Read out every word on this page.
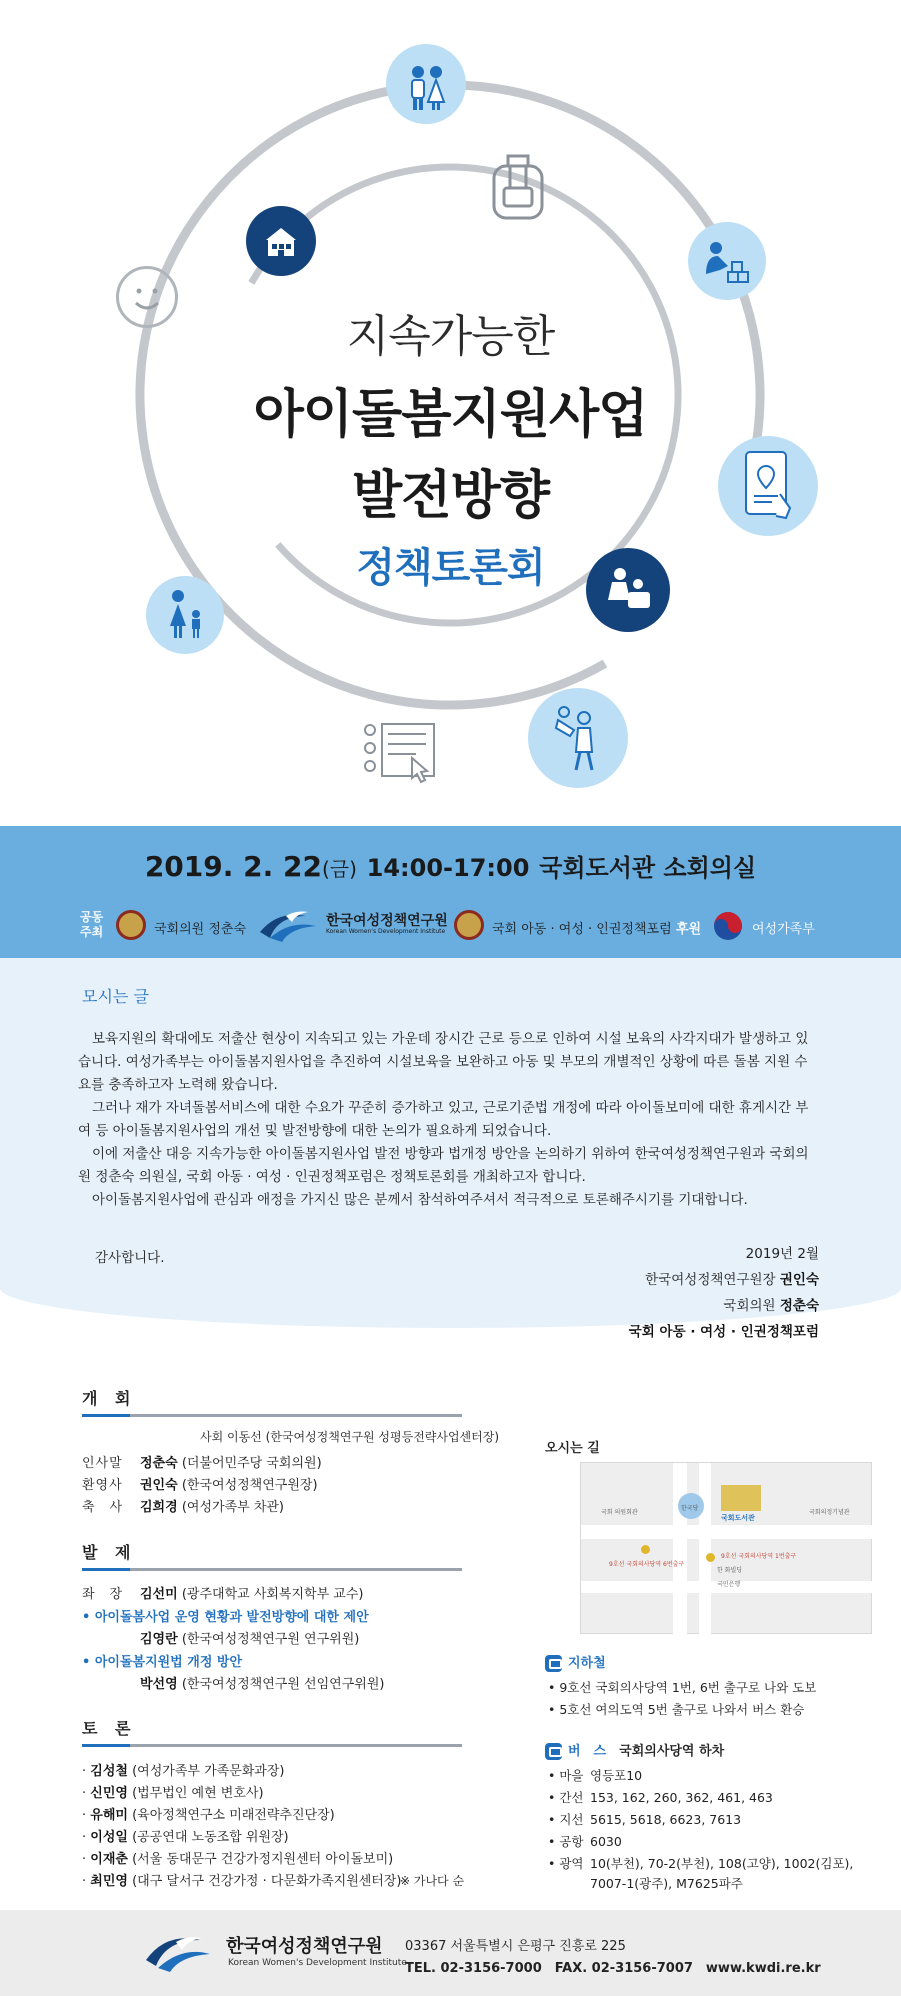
지속가능한
아이돌봄지원사업
발전방향
정책토론회
2019. 2. 22(금) 14:00-17:00 국회도서관 소회의실
공동
주최	국회의원 정춘숙
한국여성정책연구원
Korean Women's Development Institute	국회 아동 · 여성 · 인권정책포럼 후원	여성가족부
모시는 글

보육지원의 확대에도 저출산 현상이 지속되고 있는 가운데 장시간 근로 등으로 인하여 시설 보육의 사각지대가 발생하고 있습니다. 여성가족부는 아이돌봄지원사업을 추진하여 시설보육을 보완하고 아동 및 부모의 개별적인 상황에 따른 돌봄 지원 수요를 충족하고자 노력해 왔습니다.

그러나 재가 자녀돌봄서비스에 대한 수요가 꾸준히 증가하고 있고, 근로기준법 개정에 따라 아이돌보미에 대한 휴게시간 부여 등 아이돌봄지원사업의 개선 및 발전방향에 대한 논의가 필요하게 되었습니다.

이에 저출산 대응 지속가능한 아이돌봄지원사업 발전 방향과 법개정 방안을 논의하기 위하여 한국여성정책연구원과 국회의원 정춘숙 의원실, 국회 아동 · 여성 · 인권정책포럼은 정책토론회를 개최하고자 합니다.

아이돌봄지원사업에 관심과 애정을 가지신 많은 분께서 참석하여주셔서 적극적으로 토론해주시기를 기대합니다.

감사합니다.	2019년 2월
한국여성정책연구원장 권인숙
국회의원 정춘숙
국회 아동 · 여성 · 인권정책포럼
개 회
사회 이동선 (한국여성정책연구원 성평등전략사업센터장)
인사말 정춘숙 (더불어민주당 국회의원)
환영사 권인숙 (한국여성정책연구원장)
축　사 김희경 (여성가족부 차관)
발 제
좌　장 김선미 (광주대학교 사회복지학부 교수)
• 아이돌봄사업 운영 현황과 발전방향에 대한 제안
김영란 (한국여성정책연구원 연구위원)
• 아이돌봄지원법 개정 방안
박선영 (한국여성정책연구원 선임연구위원)
토 론
· 김성철 (여성가족부 가족문화과장)
· 신민영 (법무법인 예현 변호사)
· 유해미 (육아정책연구소 미래전략추진단장)
· 이성일 (공공연대 노동조합 위원장)
· 이재춘 (서울 동대문구 건강가정지원센터 아이돌보미)
· 최민영 (대구 달서구 건강가정 · 다문화가족지원센터장)
※ 가나다 순
오시는 길
국회 의원회관
한국당
국회도서관
국회의정기념관
9호선 국회의사당역 6번출구
9호선 국회의사당역 1번출구
한 화빌딩
국민은행
지하철
• 9호선 국회의사당역 1번, 6번 출구로 나와 도보
• 5호선 여의도역 5번 출구로 나와서 버스 환승
버　스　 국회의사당역 하차
• 마을 영등포10
• 간선 153, 162, 260, 362, 461, 463
• 지선 5615, 5618, 6623, 7613
• 공항 6030
• 광역 10(부천), 70-2(부천), 108(고양), 1002(김포),
7007-1(광주), M7625파주
한국여성정책연구원
Korean Women's Development Institute
03367 서울특별시 은평구 진흥로 225
TEL. 02-3156-7000　FAX. 02-3156-7007　www.kwdi.re.kr
